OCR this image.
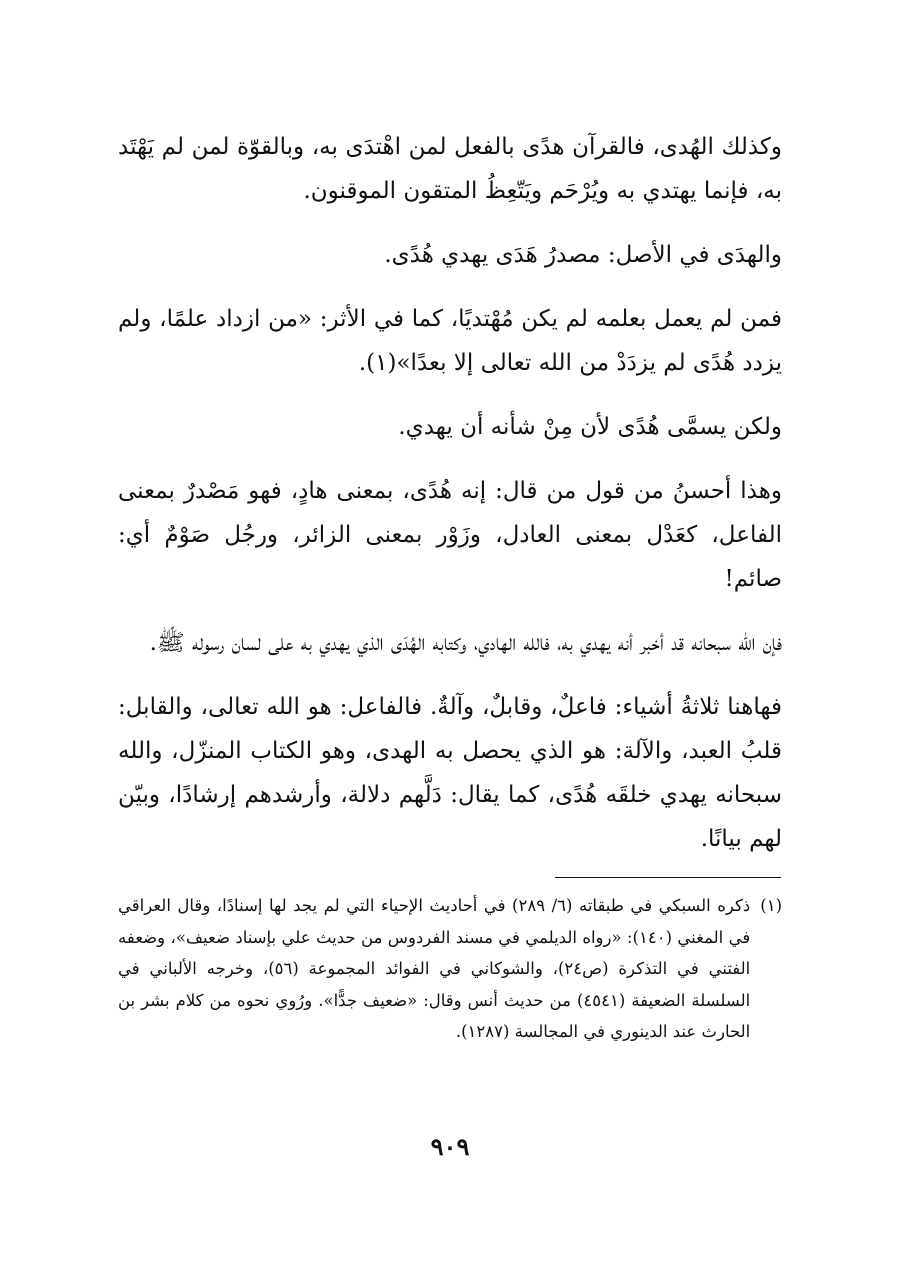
وكذلك الهُدى، فالقرآن هدًى بالفعل لمن اهْتدَى به، وبالقوّة لمن لم يَهْتَد به، فإنما يهتدي به ويُرْحَم ويَتّعِظُ المتقون الموقنون.

والهدَى في الأصل: مصدرُ هَدَى يهدي هُدًى.

فمن لم يعمل بعلمه لم يكن مُهْتديًا، كما في الأثر: «من ازداد علمًا، ولم يزدد هُدًى لم يزدَدْ من الله تعالى إلا بعدًا»(١).

ولكن يسمَّى هُدًى لأن مِنْ شأنه أن يهدي.

وهذا أحسنُ من قول من قال: إنه هُدًى، بمعنى هادٍ، فهو مَصْدرٌ بمعنى الفاعل، كعَدْل بمعنى العادل، وزَوْر بمعنى الزائر، ورجُل صَوْمٌ أي: صائم!

فإن الله سبحانه قد أخبر أنه يهدي به، فالله الهادي، وكتابه الهُدَى الذي يهدي به على لسان رسوله ﷺ.

فهاهنا ثلاثةُ أشياء: فاعلٌ، وقابلٌ، وآلةٌ. فالفاعل: هو الله تعالى، والقابل: قلبُ العبد، والآلة: هو الذي يحصل به الهدى، وهو الكتاب المنزّل، والله سبحانه يهدي خلقَه هُدًى، كما يقال: دَلَّهم دلالة، وأرشدهم إرشادًا، وبيّن لهم بيانًا.

(١)
ذكره السبكي في طبقاته (٦/ ٢٨٩) في أحاديث الإحياء التي لم يجد لها إسنادًا، وقال العراقي في المغني (١٤٠): «رواه الديلمي في مسند الفردوس من حديث علي بإسناد ضعيف»، وضعفه الفتني في التذكرة (ص٢٤)، والشوكاني في الفوائد المجموعة (٥٦)، وخرجه الألباني في السلسلة الضعيفة (٤٥٤١) من حديث أنس وقال: «ضعيف جدًّا». ورُوي نحوه من كلام بشر بن الحارث عند الدينوري في المجالسة (١٢٨٧).
٩٠٩
